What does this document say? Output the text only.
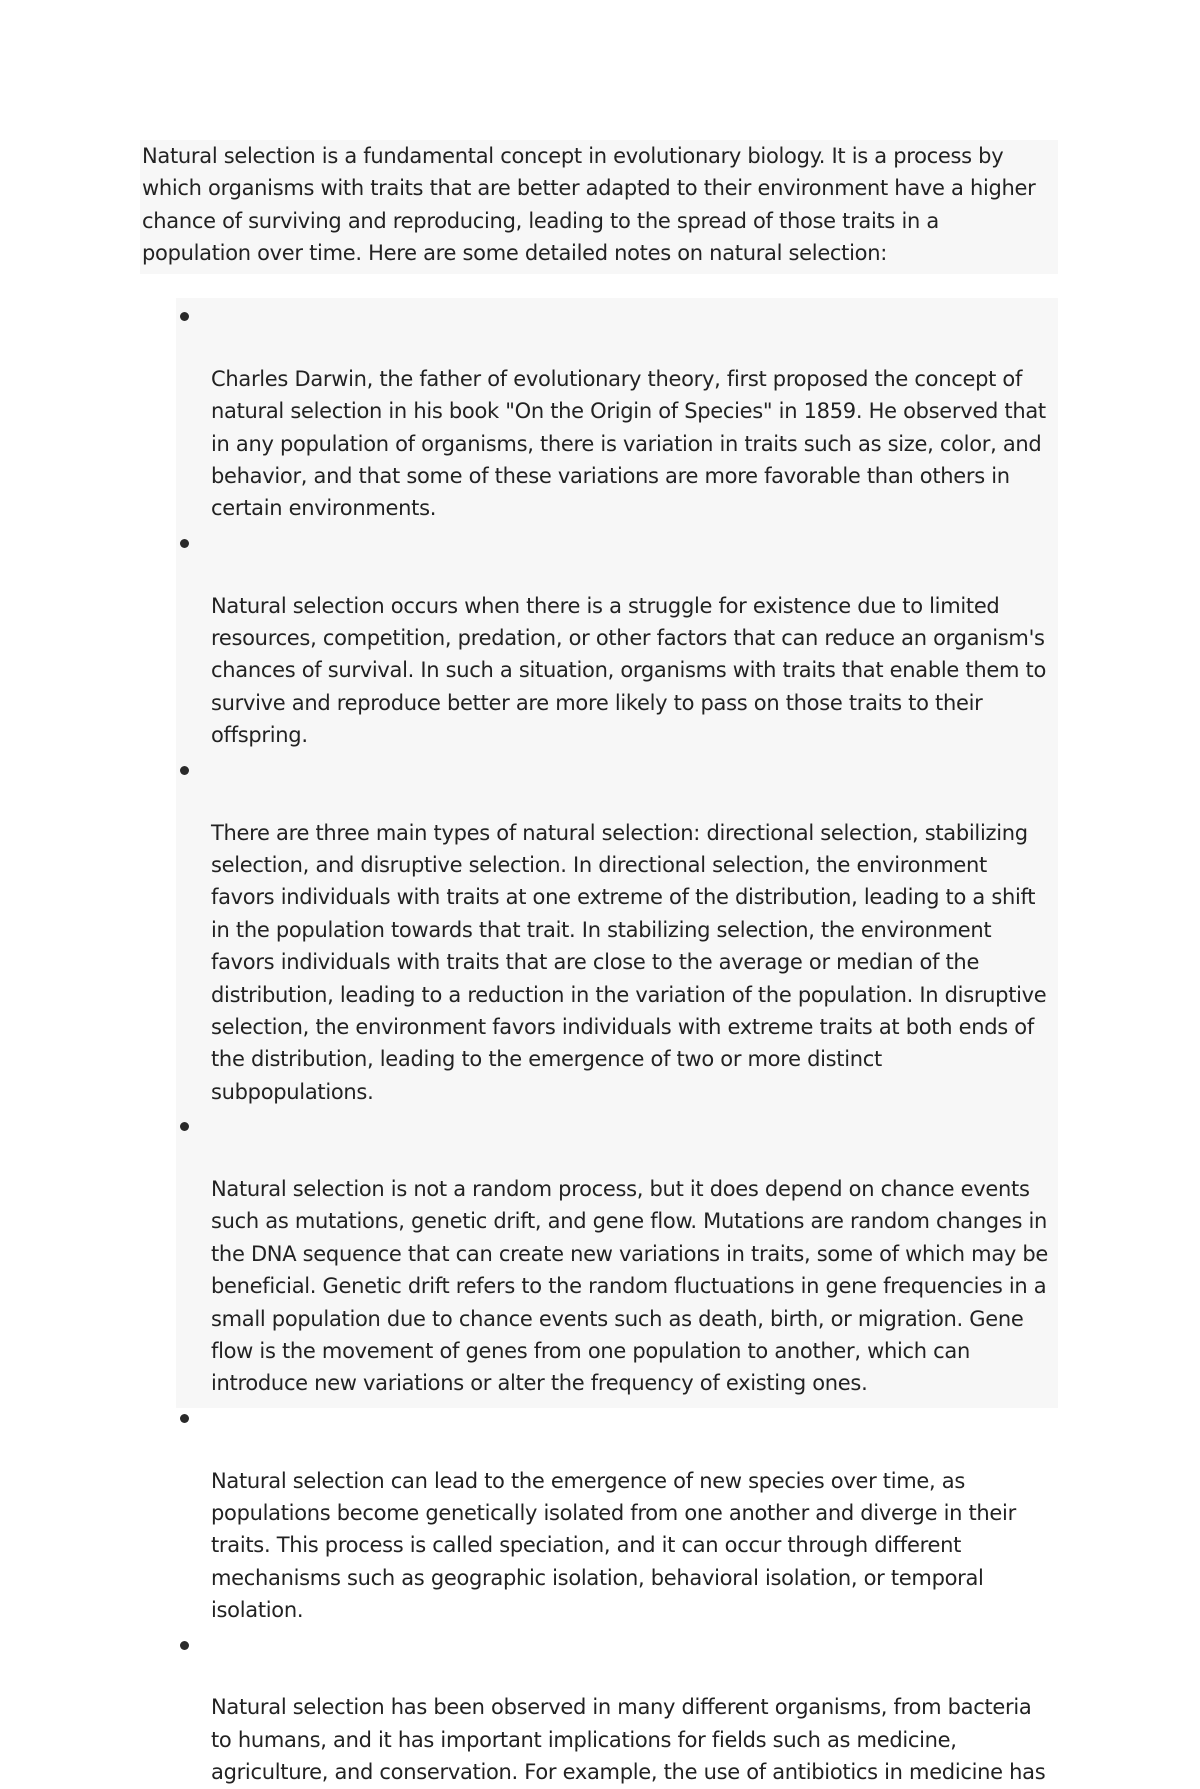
Natural selection is a fundamental concept in evolutionary biology. It is a process by
which organisms with traits that are better adapted to their environment have a higher
chance of surviving and reproducing, leading to the spread of those traits in a
population over time. Here are some detailed notes on natural selection:

Charles Darwin, the father of evolutionary theory, first proposed the concept of
natural selection in his book "On the Origin of Species" in 1859. He observed that
in any population of organisms, there is variation in traits such as size, color, and
behavior, and that some of these variations are more favorable than others in
certain environments.

Natural selection occurs when there is a struggle for existence due to limited
resources, competition, predation, or other factors that can reduce an organism's
chances of survival. In such a situation, organisms with traits that enable them to
survive and reproduce better are more likely to pass on those traits to their
offspring.

There are three main types of natural selection: directional selection, stabilizing
selection, and disruptive selection. In directional selection, the environment
favors individuals with traits at one extreme of the distribution, leading to a shift
in the population towards that trait. In stabilizing selection, the environment
favors individuals with traits that are close to the average or median of the
distribution, leading to a reduction in the variation of the population. In disruptive
selection, the environment favors individuals with extreme traits at both ends of
the distribution, leading to the emergence of two or more distinct
subpopulations.

Natural selection is not a random process, but it does depend on chance events
such as mutations, genetic drift, and gene flow. Mutations are random changes in
the DNA sequence that can create new variations in traits, some of which may be
beneficial. Genetic drift refers to the random fluctuations in gene frequencies in a
small population due to chance events such as death, birth, or migration. Gene
flow is the movement of genes from one population to another, which can
introduce new variations or alter the frequency of existing ones.

Natural selection can lead to the emergence of new species over time, as
populations become genetically isolated from one another and diverge in their
traits. This process is called speciation, and it can occur through different
mechanisms such as geographic isolation, behavioral isolation, or temporal
isolation.

Natural selection has been observed in many different organisms, from bacteria
to humans, and it has important implications for fields such as medicine,
agriculture, and conservation. For example, the use of antibiotics in medicine has
